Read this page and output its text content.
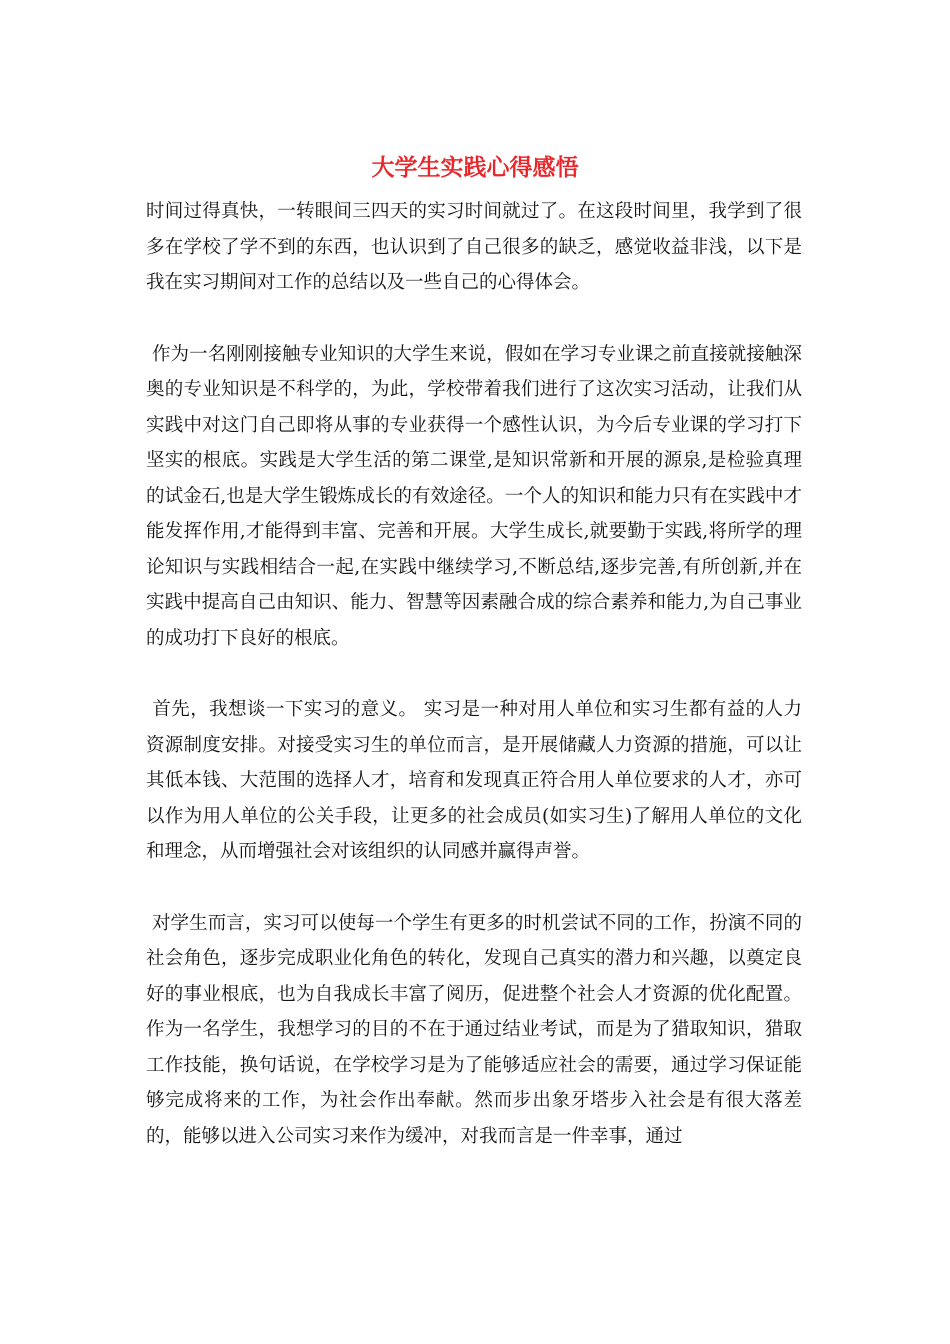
大学生实践心得感悟

时间过得真快，一转眼间三四天的实习时间就过了。在这段时间里，我学到了很多在学校了学不到的东西，也认识到了自己很多的缺乏，感觉收益非浅，以下是我在实习期间对工作的总结以及一些自己的心得体会。

作为一名刚刚接触专业知识的大学生来说，假如在学习专业课之前直接就接触深奥的专业知识是不科学的，为此，学校带着我们进行了这次实习活动，让我们从实践中对这门自己即将从事的专业获得一个感性认识，为今后专业课的学习打下坚实的根底。实践是大学生活的第二课堂,是知识常新和开展的源泉,是检验真理的试金石,也是大学生锻炼成长的有效途径。一个人的知识和能力只有在实践中才能发挥作用,才能得到丰富、完善和开展。大学生成长,就要勤于实践,将所学的理论知识与实践相结合一起,在实践中继续学习,不断总结,逐步完善,有所创新,并在实践中提高自己由知识、能力、智慧等因素融合成的综合素养和能力,为自己事业的成功打下良好的根底。

首先，我想谈一下实习的意义。 实习是一种对用人单位和实习生都有益的人力资源制度安排。对接受实习生的单位而言，是开展储藏人力资源的措施，可以让其低本钱、大范围的选择人才，培育和发现真正符合用人单位要求的人才，亦可以作为用人单位的公关手段，让更多的社会成员(如实习生)了解用人单位的文化和理念，从而增强社会对该组织的认同感并赢得声誉。

对学生而言，实习可以使每一个学生有更多的时机尝试不同的工作，扮演不同的社会角色，逐步完成职业化角色的转化，发现自己真实的潜力和兴趣，以奠定良好的事业根底，也为自我成长丰富了阅历，促进整个社会人才资源的优化配置。作为一名学生，我想学习的目的不在于通过结业考试，而是为了猎取知识，猎取工作技能，换句话说，在学校学习是为了能够适应社会的需要，通过学习保证能够完成将来的工作，为社会作出奉献。然而步出象牙塔步入社会是有很大落差的，能够以进入公司实习来作为缓冲，对我而言是一件幸事，通过
